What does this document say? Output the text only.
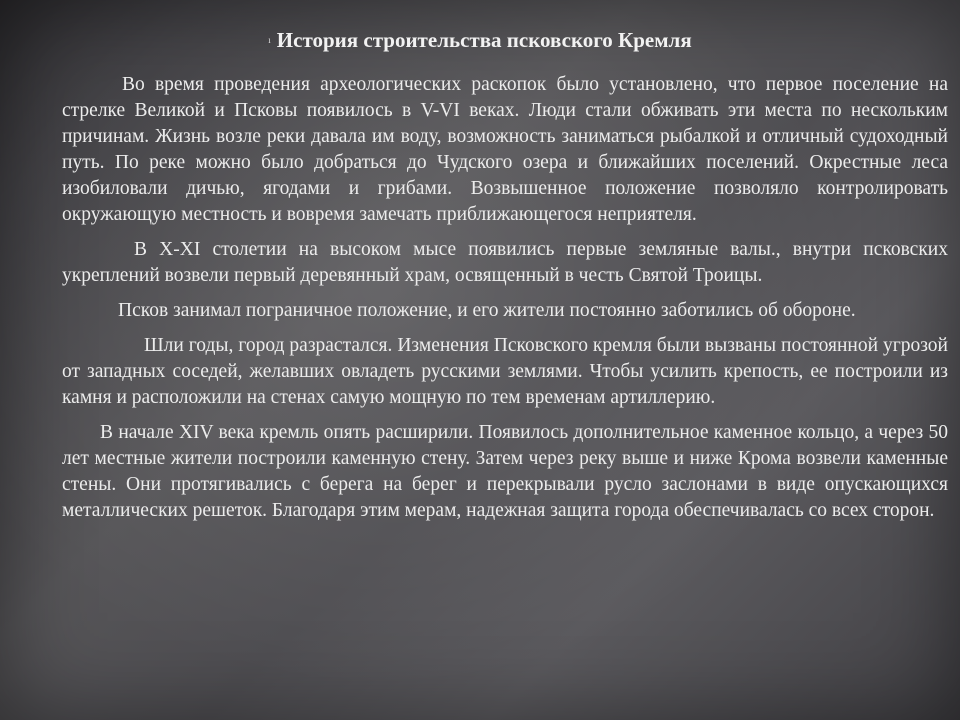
ı История строительства псковского Кремля

Во время проведения археологических раскопок было установлено, что первое поселение на стрелке Великой и Псковы появилось в V-VI веках. Люди стали обживать эти места по нескольким причинам. Жизнь возле реки давала им воду, возможность заниматься рыбалкой и отличный судоходный путь. По реке можно было добраться до Чудского озера и ближайших поселений. Окрестные леса изобиловали дичью, ягодами и грибами. Возвышенное положение позволяло контролировать окружающую местность и вовремя замечать приближающегося неприятеля.

В X-XI столетии на высоком мысе появились первые земляные валы., внутри псковских укреплений возвели первый деревянный храм, освященный в честь Святой Троицы.

Псков занимал пограничное положение, и его жители постоянно заботились об обороне.

Шли годы, город разрастался. Изменения Псковского кремля были вызваны постоянной угрозой от западных соседей, желавших овладеть русскими землями. Чтобы усилить крепость, ее построили из камня и расположили на стенах самую мощную по тем временам артиллерию.

В начале XIV века кремль опять расширили. Появилось дополнительное каменное кольцо, а через 50 лет местные жители построили каменную стену. Затем через реку выше и ниже Крома возвели каменные стены. Они протягивались с берега на берег и перекрывали русло заслонами в виде опускающихся металлических решеток. Благодаря этим мерам, надежная защита города обеспечивалась со всех сторон.
